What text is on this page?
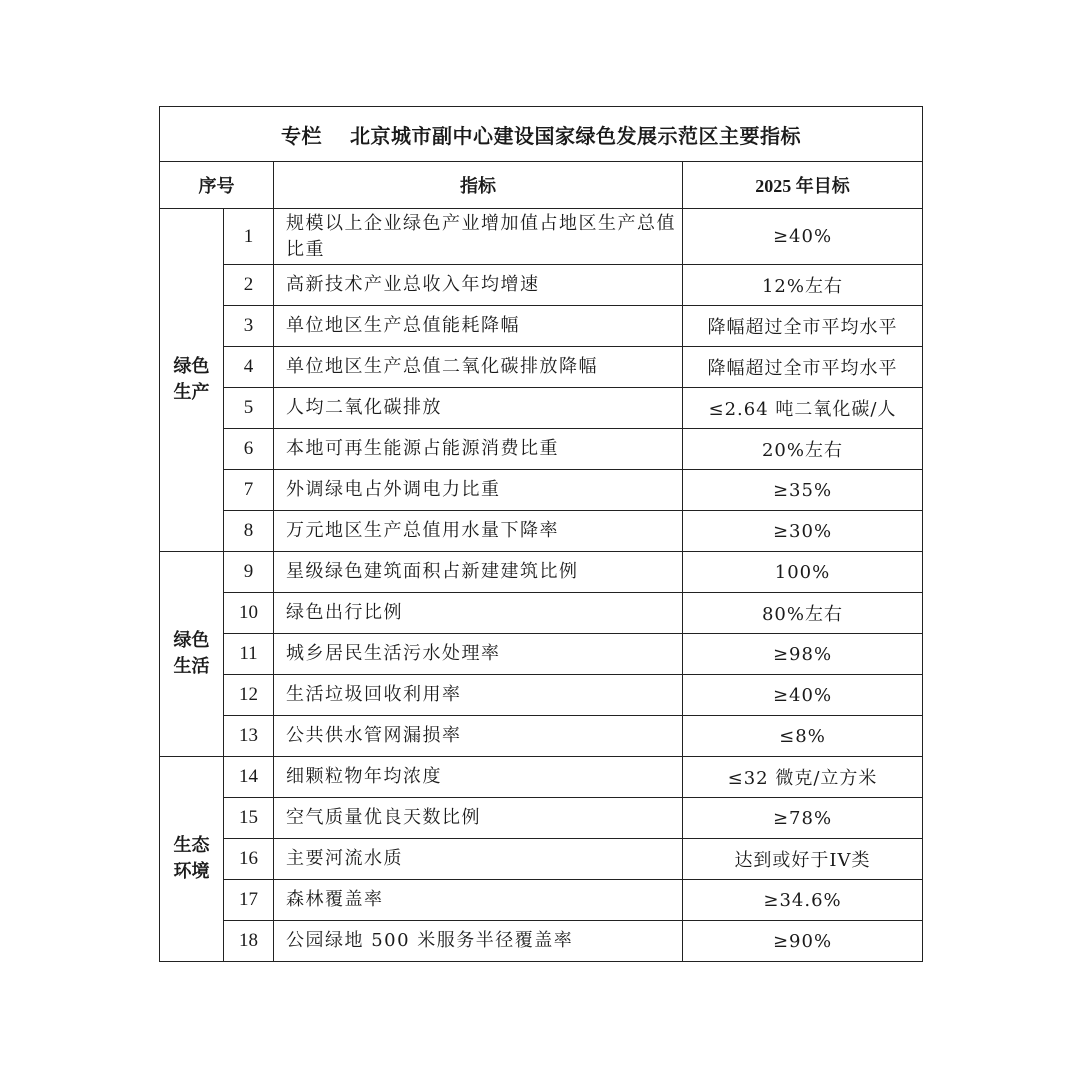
专栏 北京城市副中心建设国家绿色发展示范区主要指标			
序号		指标	2025 年目标

绿色
生产	1	规模以上企业绿色产业增加值占地区生产总值比重	≥40%
	2	高新技术产业总收入年均增速	12%左右
	3	单位地区生产总值能耗降幅	降幅超过全市平均水平
	4	单位地区生产总值二氧化碳排放降幅	降幅超过全市平均水平
	5	人均二氧化碳排放	≤2.64 吨二氧化碳/人
	6	本地可再生能源占能源消费比重	20%左右
	7	外调绿电占外调电力比重	≥35%
	8	万元地区生产总值用水量下降率	≥30%

绿色
生活	9	星级绿色建筑面积占新建建筑比例	100%
	10	绿色出行比例	80%左右
	11	城乡居民生活污水处理率	≥98%
	12	生活垃圾回收利用率	≥40%
	13	公共供水管网漏损率	≤8%

生态
环境	14	细颗粒物年均浓度	≤32 微克/立方米
	15	空气质量优良天数比例	≥78%
	16	主要河流水质	达到或好于IV类
	17	森林覆盖率	≥34.6%
	18	公园绿地 500 米服务半径覆盖率	≥90%
